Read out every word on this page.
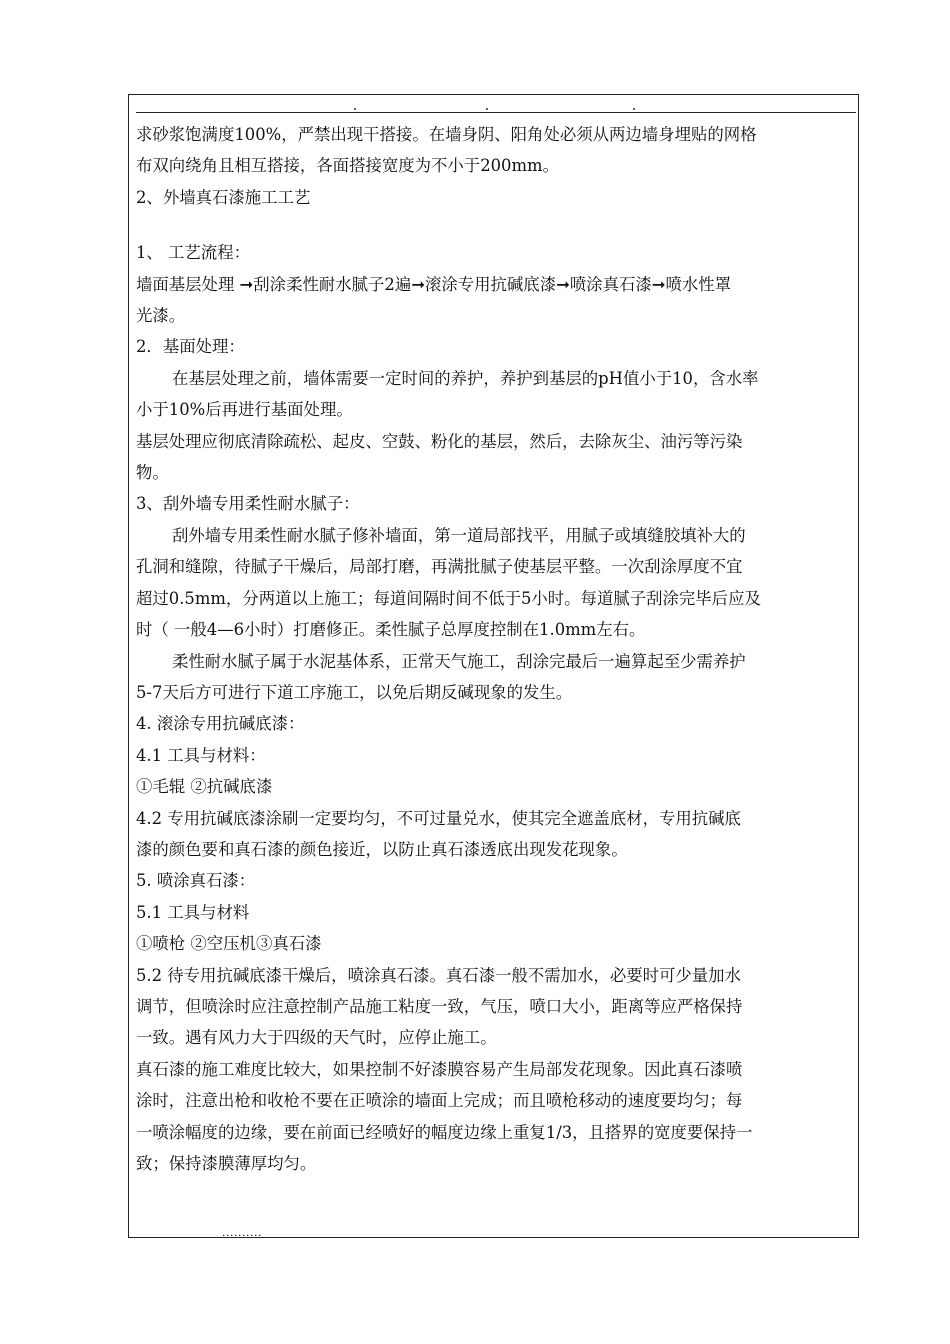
求砂浆饱满度100%，严禁出现干搭接。在墙身阴、阳角处必须从两边墙身埋贴的网格

布双向绕角且相互搭接，各面搭接宽度为不小于200mm。

2、外墙真石漆施工工艺

1、 工艺流程：

墙面基层处理 ➞刮涂柔性耐水腻子2遍➞滚涂专用抗碱底漆➞喷涂真石漆➞喷水性罩

光漆。

2．基面处理：

在基层处理之前，墙体需要一定时间的养护，养护到基层的pH值小于10，含水率

小于10%后再进行基面处理。

基层处理应彻底清除疏松、起皮、空鼓、粉化的基层，然后，去除灰尘、油污等污染

物。

3、刮外墙专用柔性耐水腻子：

刮外墙专用柔性耐水腻子修补墙面，第一道局部找平，用腻子或填缝胶填补大的

孔洞和缝隙，待腻子干燥后，局部打磨，再满批腻子使基层平整。一次刮涂厚度不宜

超过0.5mm，分两道以上施工；每道间隔时间不低于5小时。每道腻子刮涂完毕后应及

时（ 一般4—6小时）打磨修正。柔性腻子总厚度控制在1.0mm左右。

柔性耐水腻子属于水泥基体系，正常天气施工，刮涂完最后一遍算起至少需养护

5-7天后方可进行下道工序施工，以免后期反碱现象的发生。

4. 滚涂专用抗碱底漆：

4.1 工具与材料：

①毛辊 ②抗碱底漆

4.2 专用抗碱底漆涂刷一定要均匀，不可过量兑水，使其完全遮盖底材，专用抗碱底

漆的颜色要和真石漆的颜色接近，以防止真石漆透底出现发花现象。

5. 喷涂真石漆：

5.1 工具与材料

①喷枪 ②空压机③真石漆

5.2 待专用抗碱底漆干燥后，喷涂真石漆。真石漆一般不需加水，必要时可少量加水

调节，但喷涂时应注意控制产品施工粘度一致，气压，喷口大小，距离等应严格保持

一致。遇有风力大于四级的天气时，应停止施工。

真石漆的施工难度比较大，如果控制不好漆膜容易产生局部发花现象。因此真石漆喷

涂时，注意出枪和收枪不要在正喷涂的墙面上完成；而且喷枪移动的速度要均匀；每

一喷涂幅度的边缘，要在前面已经喷好的幅度边缘上重复1/3，且搭界的宽度要保持一

致；保持漆膜薄厚均匀。

..........
